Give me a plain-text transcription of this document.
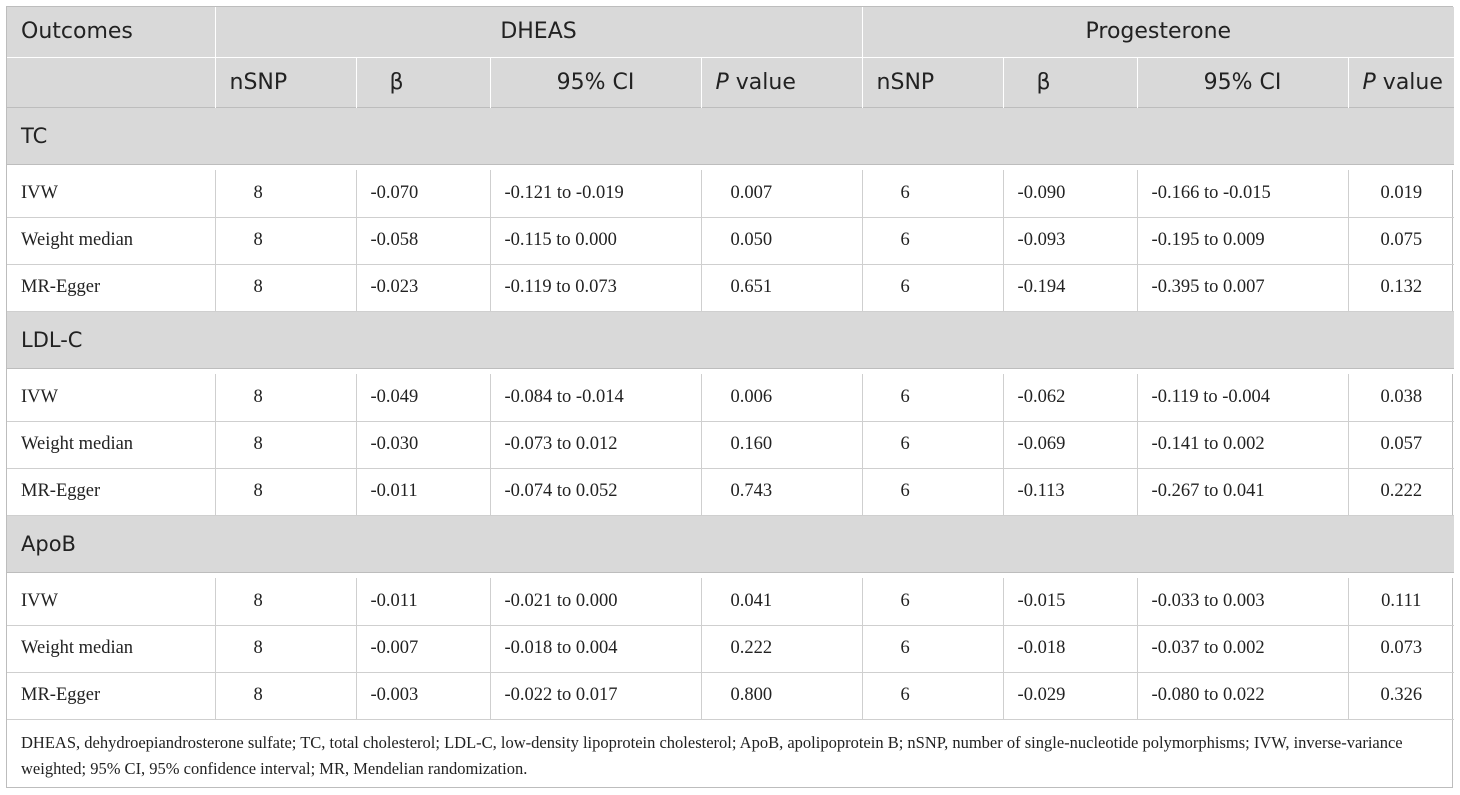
Outcomes	DHEAS				Progesterone			
	nSNP	β	95% CI	P value	nSNP	β	95% CI	P value
TC								

IVW	8	-0.070	-0.121 to -0.019	0.007	6	-0.090	-0.166 to -0.015	0.019
Weight median	8	-0.058	-0.115 to 0.000	0.050	6	-0.093	-0.195 to 0.009	0.075
MR-Egger	8	-0.023	-0.119 to 0.073	0.651	6	-0.194	-0.395 to 0.007	0.132
LDL-C								

IVW	8	-0.049	-0.084 to -0.014	0.006	6	-0.062	-0.119 to -0.004	0.038
Weight median	8	-0.030	-0.073 to 0.012	0.160	6	-0.069	-0.141 to 0.002	0.057
MR-Egger	8	-0.011	-0.074 to 0.052	0.743	6	-0.113	-0.267 to 0.041	0.222
ApoB								

IVW	8	-0.011	-0.021 to 0.000	0.041	6	-0.015	-0.033 to 0.003	0.111
Weight median	8	-0.007	-0.018 to 0.004	0.222	6	-0.018	-0.037 to 0.002	0.073
MR-Egger	8	-0.003	-0.022 to 0.017	0.800	6	-0.029	-0.080 to 0.022	0.326
DHEAS, dehydroepiandrosterone sulfate; TC, total cholesterol; LDL-C, low-density lipoprotein cholesterol; ApoB, apolipoprotein B; nSNP, number of single-nucleotide polymorphisms; IVW, inverse-variance weighted; 95% CI, 95% confidence interval; MR, Mendelian randomization.								
